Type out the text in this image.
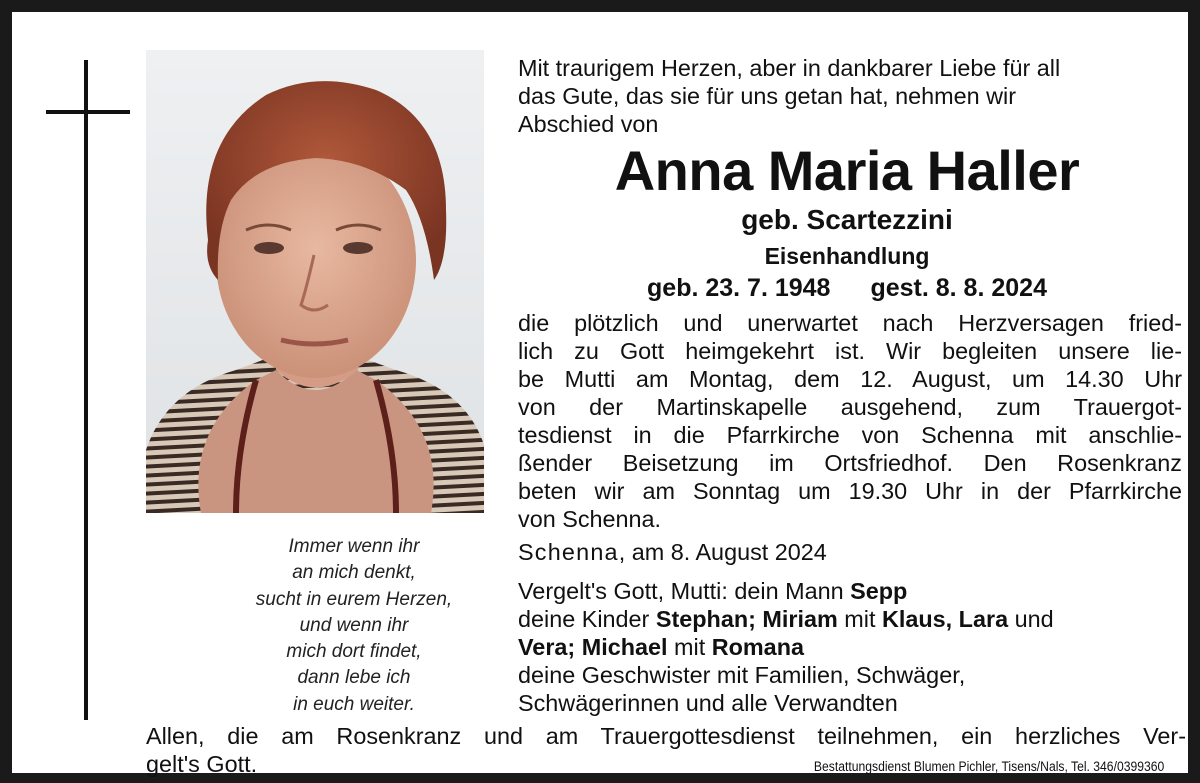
Immer wenn ihr
an mich denkt,
sucht in eurem Herzen,
und wenn ihr
mich dort findet,
dann lebe ich
in euch weiter.
Mit traurigem Herzen, aber in dankbarer Liebe für all
das Gute, das sie für uns getan hat, nehmen wir
Abschied von
Anna Maria Haller
geb. Scartezzini
Eisenhandlung
geb. 23. 7. 1948 gest. 8. 8. 2024
die plötzlich und unerwartet nach Herzversagen fried-
lich zu Gott heimgekehrt ist. Wir begleiten unsere lie-
be Mutti am Montag, dem 12. August, um 14.30 Uhr
von der Martinskapelle ausgehend, zum Trauergot-
tesdienst in die Pfarrkirche von Schenna mit anschlie-
ßender Beisetzung im Ortsfriedhof. Den Rosenkranz
beten wir am Sonntag um 19.30 Uhr in der Pfarrkirche
von Schenna.
Schenna, am 8. August 2024
Vergelt's Gott, Mutti: dein Mann Sepp
deine Kinder Stephan; Miriam mit Klaus, Lara und
Vera; Michael mit Romana
deine Geschwister mit Familien, Schwäger,
Schwägerinnen und alle Verwandten
Allen, die am Rosenkranz und am Trauergottesdienst teilnehmen, ein herzliches Ver-
gelt's Gott.	Bestattungsdienst Blumen Pichler, Tisens/Nals, Tel. 346/0399360
